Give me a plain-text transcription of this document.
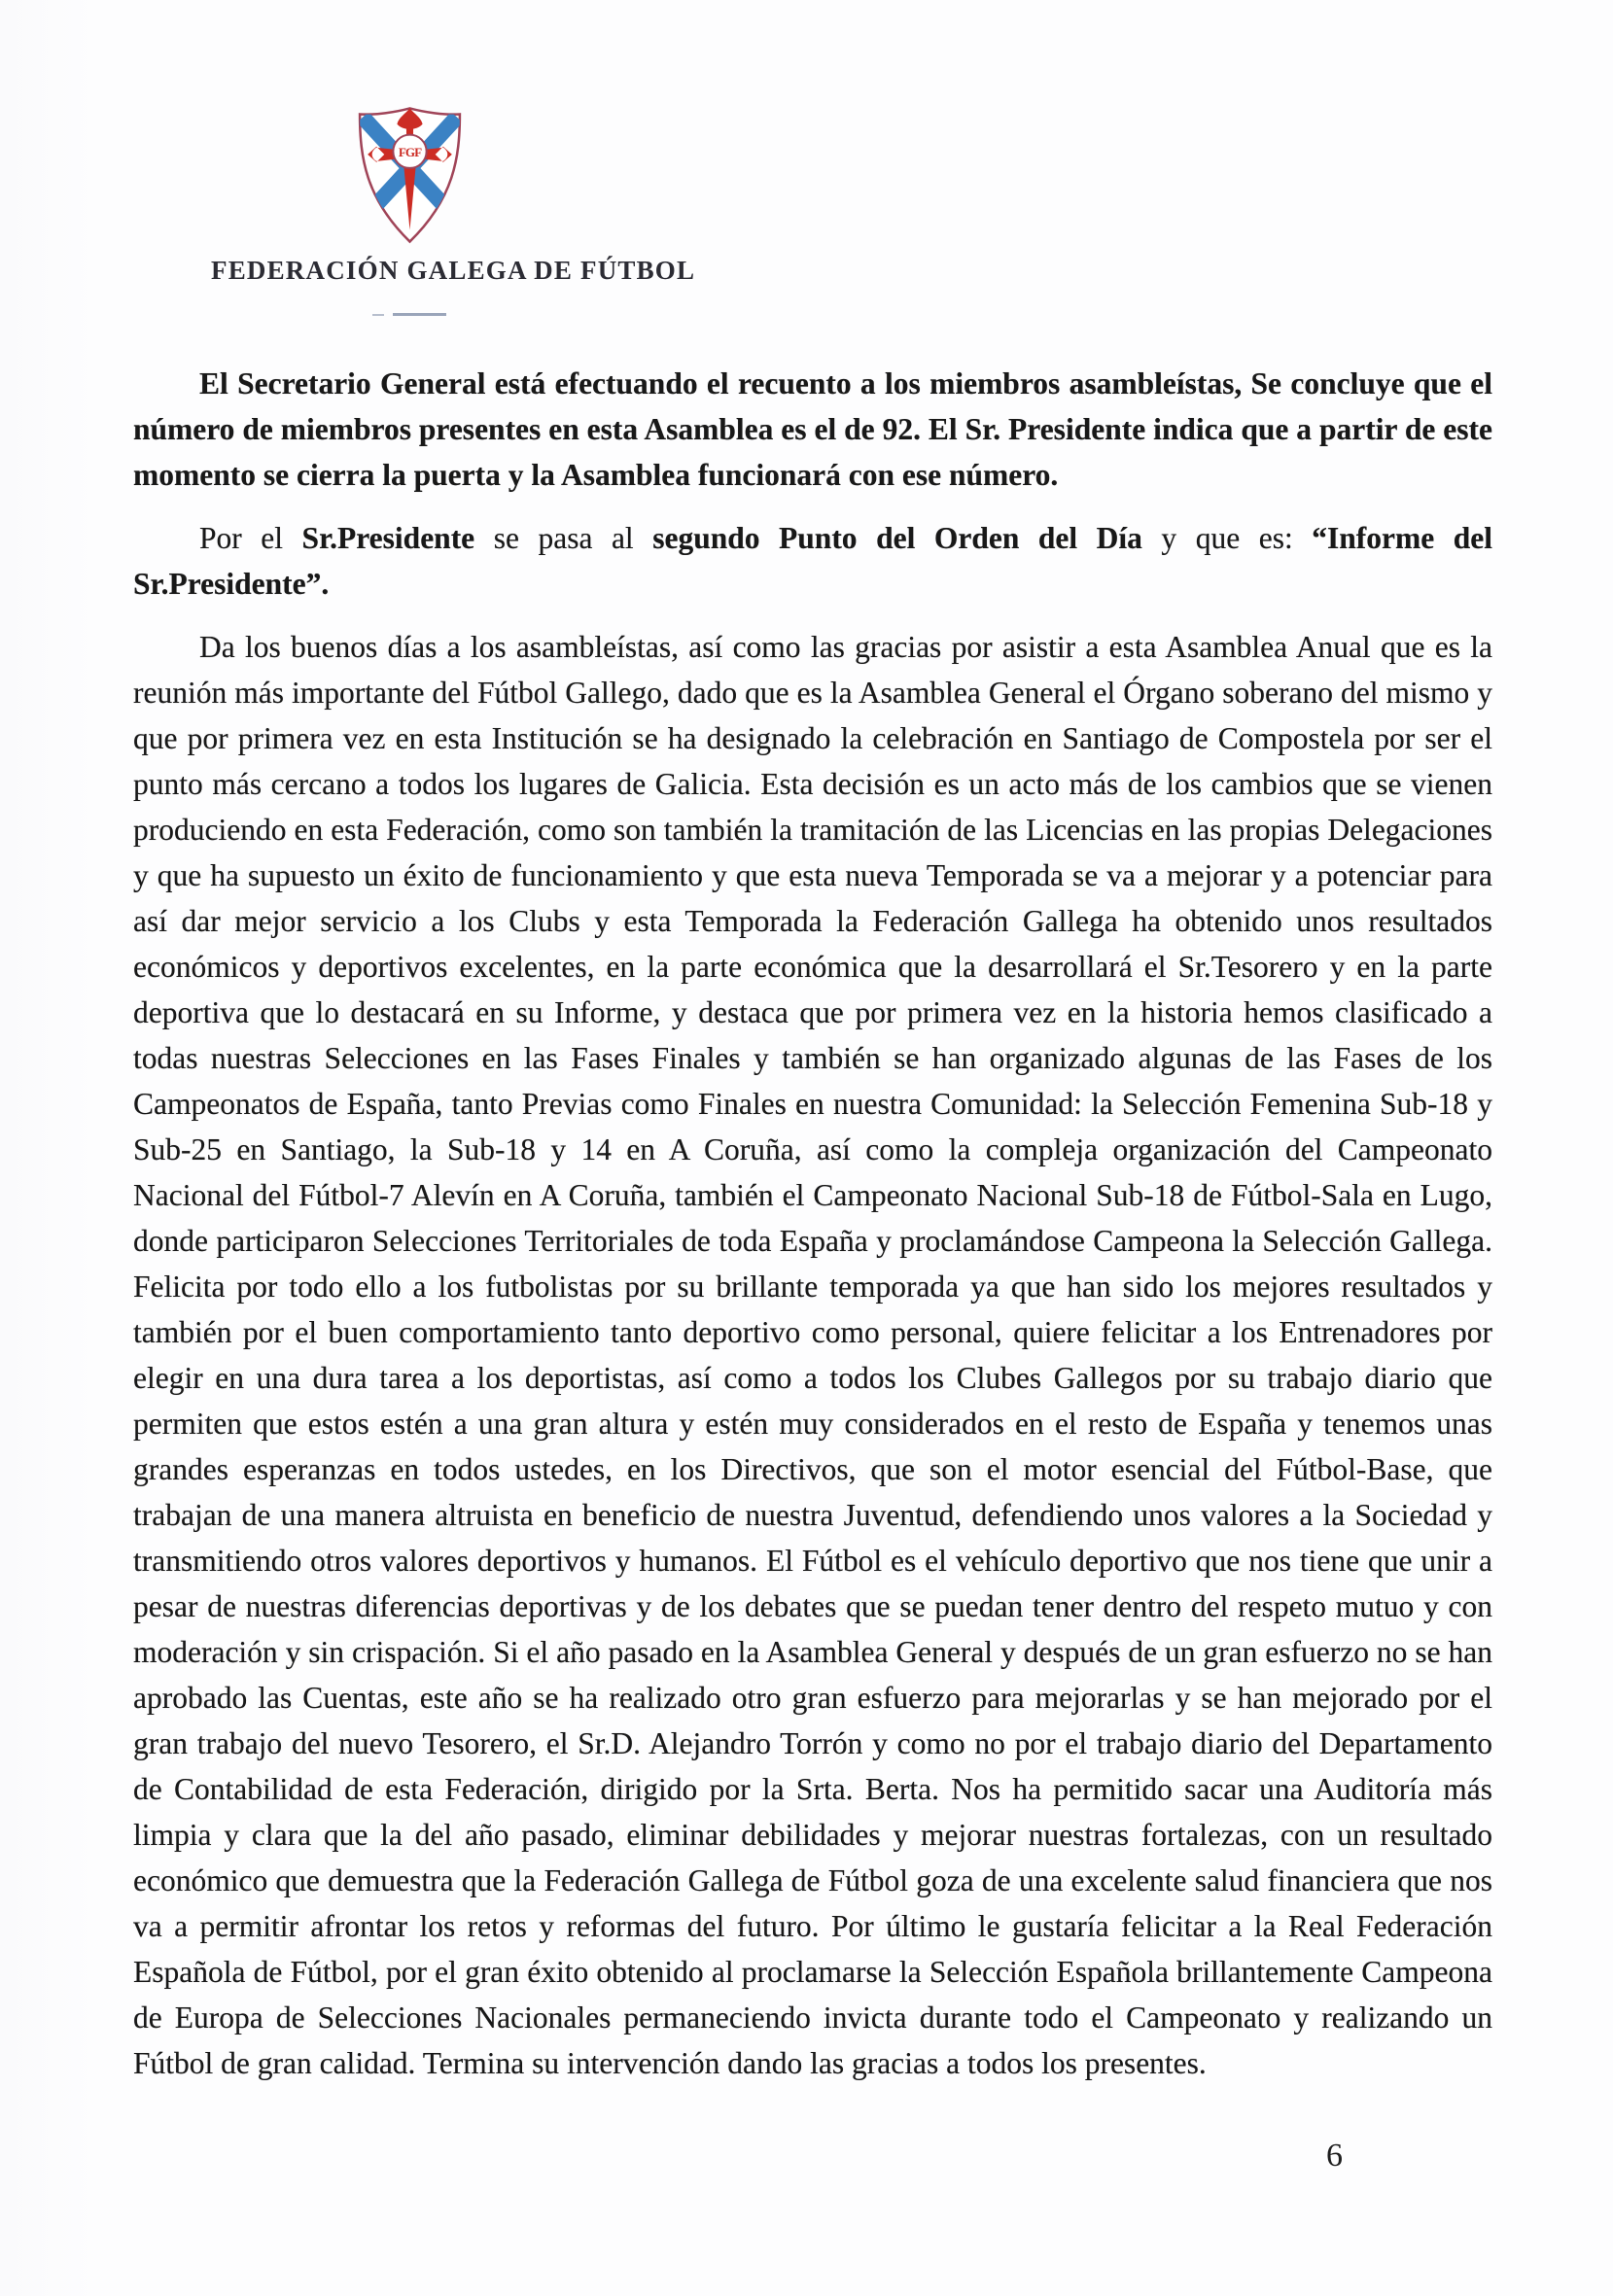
FGF
FEDERACIÓN GALEGA DE FÚTBOL

El Secretario General está efectuando el recuento a los miembros asambleístas, Se concluye que el número de miembros presentes en esta Asamblea es el de 92. El Sr. Presidente indica que a partir de este momento se cierra la puerta y la Asamblea funcionará con ese número.

Por el Sr.Presidente se pasa al segundo Punto del Orden del Día y que es: “Informe del Sr.Presidente”.

Da los buenos días a los asambleístas, así como las gracias por asistir a esta Asamblea Anual que es la reunión más importante del Fútbol Gallego, dado que es la Asamblea General el Órgano soberano del mismo y que por primera vez en esta Institución se ha designado la celebración en Santiago de Compostela por ser el punto más cercano a todos los lugares de Galicia. Esta decisión es un acto más de los cambios que se vienen produciendo en esta Federación, como son también la tramitación de las Licencias en las propias Delegaciones y que ha supuesto un éxito de funcionamiento y que esta nueva Temporada se va a mejorar y a potenciar para así dar mejor servicio a los Clubs y esta Temporada la Federación Gallega ha obtenido unos resultados económicos y deportivos excelentes, en la parte económica que la desarrollará el Sr.Tesorero y en la parte deportiva que lo destacará en su Informe, y destaca que por primera vez en la historia hemos clasificado a todas nuestras Selecciones en las Fases Finales y también se han organizado algunas de las Fases de los Campeonatos de España, tanto Previas como Finales en nuestra Comunidad: la Selección Femenina Sub-18 y Sub-25 en Santiago, la Sub-18 y 14 en A Coruña, así como la compleja organización del Campeonato Nacional del Fútbol-7 Alevín en A Coruña, también el Campeonato Nacional Sub-18 de Fútbol-Sala en Lugo, donde participaron Selecciones Territoriales de toda España y proclamándose Campeona la Selección Gallega. Felicita por todo ello a los futbolistas por su brillante temporada ya que han sido los mejores resultados y también por el buen comportamiento tanto deportivo como personal, quiere felicitar a los Entrenadores por elegir en una dura tarea a los deportistas, así como a todos los Clubes Gallegos por su trabajo diario que permiten que estos estén a una gran altura y estén muy considerados en el resto de España y tenemos unas grandes esperanzas en todos ustedes, en los Directivos, que son el motor esencial del Fútbol-Base, que trabajan de una manera altruista en beneficio de nuestra Juventud, defendiendo unos valores a la Sociedad y transmitiendo otros valores deportivos y humanos. El Fútbol es el vehículo deportivo que nos tiene que unir a pesar de nuestras diferencias deportivas y de los debates que se puedan tener dentro del respeto mutuo y con moderación y sin crispación. Si el año pasado en la Asamblea General y después de un gran esfuerzo no se han aprobado las Cuentas, este año se ha realizado otro gran esfuerzo para mejorarlas y se han mejorado por el gran trabajo del nuevo Tesorero, el Sr.D. Alejandro Torrón y como no por el trabajo diario del Departamento de Contabilidad de esta Federación, dirigido por la Srta. Berta. Nos ha permitido sacar una Auditoría más limpia y clara que la del año pasado, eliminar debilidades y mejorar nuestras fortalezas, con un resultado económico que demuestra que la Federación Gallega de Fútbol goza de una excelente salud financiera que nos va a permitir afrontar los retos y reformas del futuro. Por último le gustaría felicitar a la Real Federación Española de Fútbol, por el gran éxito obtenido al proclamarse la Selección Española brillantemente Campeona de Europa de Selecciones Nacionales permaneciendo invicta durante todo el Campeonato y realizando un Fútbol de gran calidad. Termina su intervención dando las gracias a todos los presentes.

6
